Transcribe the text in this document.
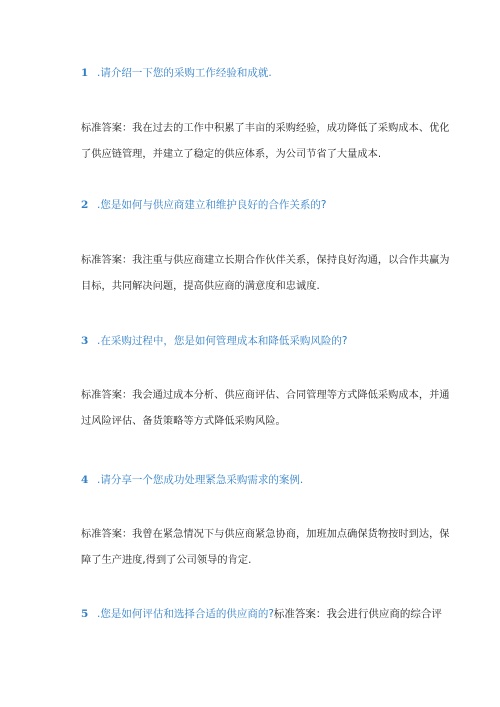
1 .请介绍一下您的采购工作经验和成就.
标准答案：我在过去的工作中积累了丰亩的采购经验，成功降低了采购成本、优化
了供应链管理，并建立了稳定的供应体系，为公司节省了大量成本.
2 .您是如何与供应商建立和维护良好的合作关系的?
标准答案：我注重与供应商建立长期合作伙伴关系，保持良好沟通，以合作共赢为
目标，共同解决问题，提高供应商的满意度和忠诚度.
3 .在采购过程中，您是如何管理成本和降低采购风险的?
标准答案：我会通过成本分析、供应商评估、合同管理等方式降低采购成本，并通
过风险评估、备货策略等方式降低采购风险。
4 .请分享一个您成功处理紧急采购需求的案例.
标准答案：我曾在紧急情况下与供应商紧急协商，加班加点确保货物按时到达，保
障了生产进度,得到了公司领导的肯定.
5 .您是如何评估和选择合适的供应商的?标准答案：我会进行供应商的综合评
